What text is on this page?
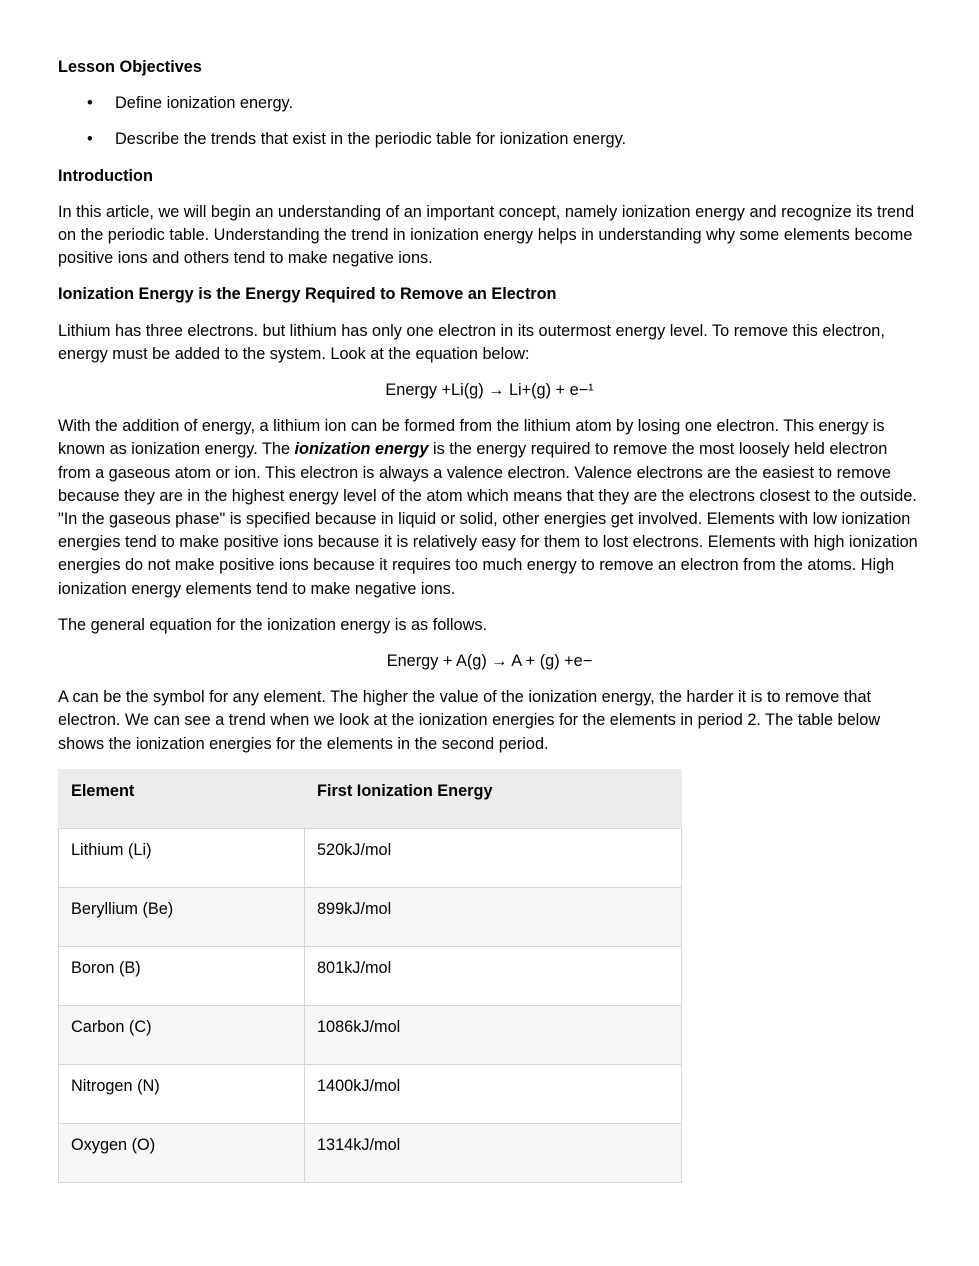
Lesson Objectives
• Define ionization energy.
• Describe the trends that exist in the periodic table for ionization energy.
Introduction

In this article, we will begin an understanding of an important concept, namely ionization energy and recognize its trend on the periodic table. Understanding the trend in ionization energy helps in understanding why some elements become positive ions and others tend to make negative ions.

Ionization Energy is the Energy Required to Remove an Electron

Lithium has three electrons. but lithium has only one electron in its outermost energy level. To remove this electron, energy must be added to the system. Look at the equation below:

Energy +Li(g) → Li+(g) + e−¹

With the addition of energy, a lithium ion can be formed from the lithium atom by losing one electron. This energy is known as ionization energy. The ionization energy is the energy required to remove the most loosely held electron from a gaseous atom or ion. This electron is always a valence electron. Valence electrons are the easiest to remove because they are in the highest energy level of the atom which means that they are the electrons closest to the outside. "In the gaseous phase" is specified because in liquid or solid, other energies get involved. Elements with low ionization energies tend to make positive ions because it is relatively easy for them to lost electrons. Elements with high ionization energies do not make positive ions because it requires too much energy to remove an electron from the atoms. High ionization energy elements tend to make negative ions.

The general equation for the ionization energy is as follows.

Energy + A(g) → A + (g) +e−

A can be the symbol for any element. The higher the value of the ionization energy, the harder it is to remove that electron. We can see a trend when we look at the ionization energies for the elements in period 2. The table below shows the ionization energies for the elements in the second period.

Element	First Ionization Energy
Lithium (Li)	520kJ/mol
Beryllium (Be)	899kJ/mol
Boron (B)	801kJ/mol
Carbon (C)	1086kJ/mol
Nitrogen (N)	1400kJ/mol
Oxygen (O)	1314kJ/mol
